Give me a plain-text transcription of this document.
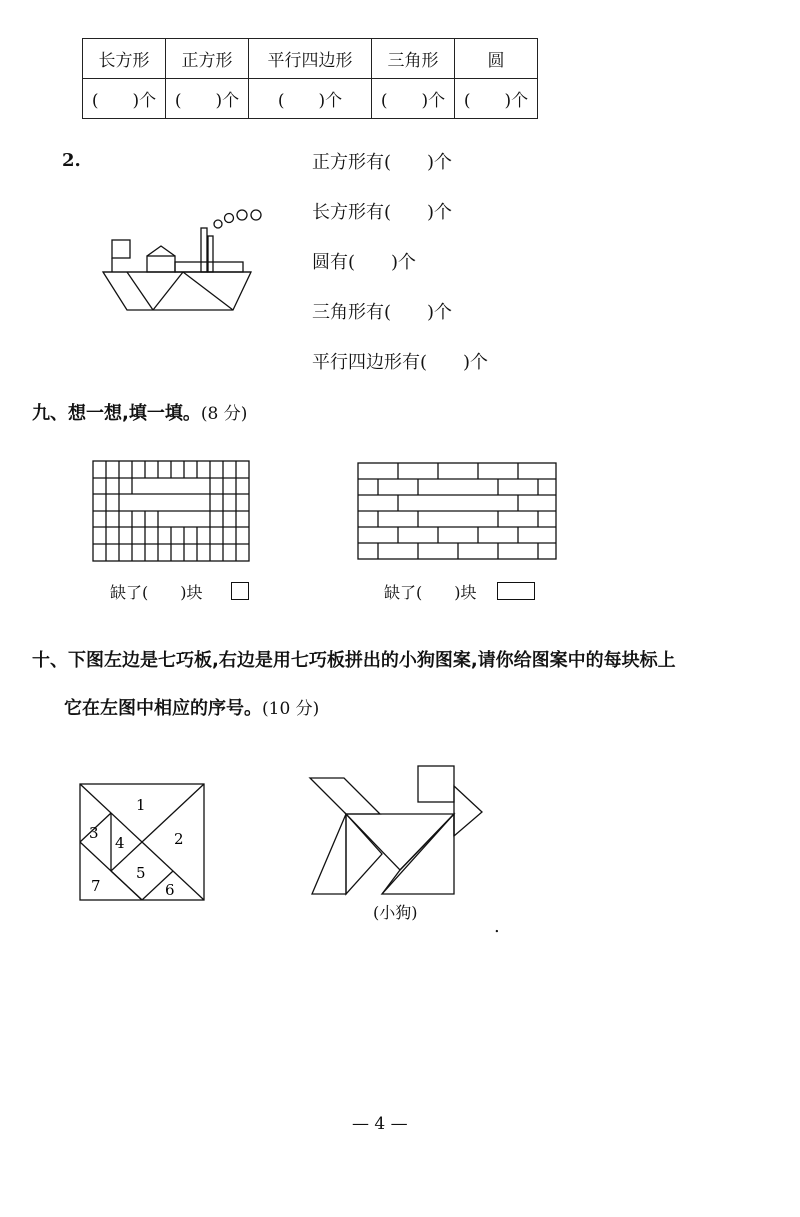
长方形	正方形	平行四边形	三角形	圆
(　　)个	(　　)个	(　　)个	(　　)个	(　　)个
2.	正方形有(　　)个
长方形有(　　)个
圆有(　　)个
三角形有(　　)个
平行四边形有(　　)个
九、想一想,填一填。(8 分)
缺了(　　)块	缺了(　　)块
十、下图左边是七巧板,右边是用七巧板拼出的小狗图案,请你给图案中的每块标上
它在左图中相应的序号。(10 分)
1
2
3
4
5
6
7
(小狗)
.
— 4 —
